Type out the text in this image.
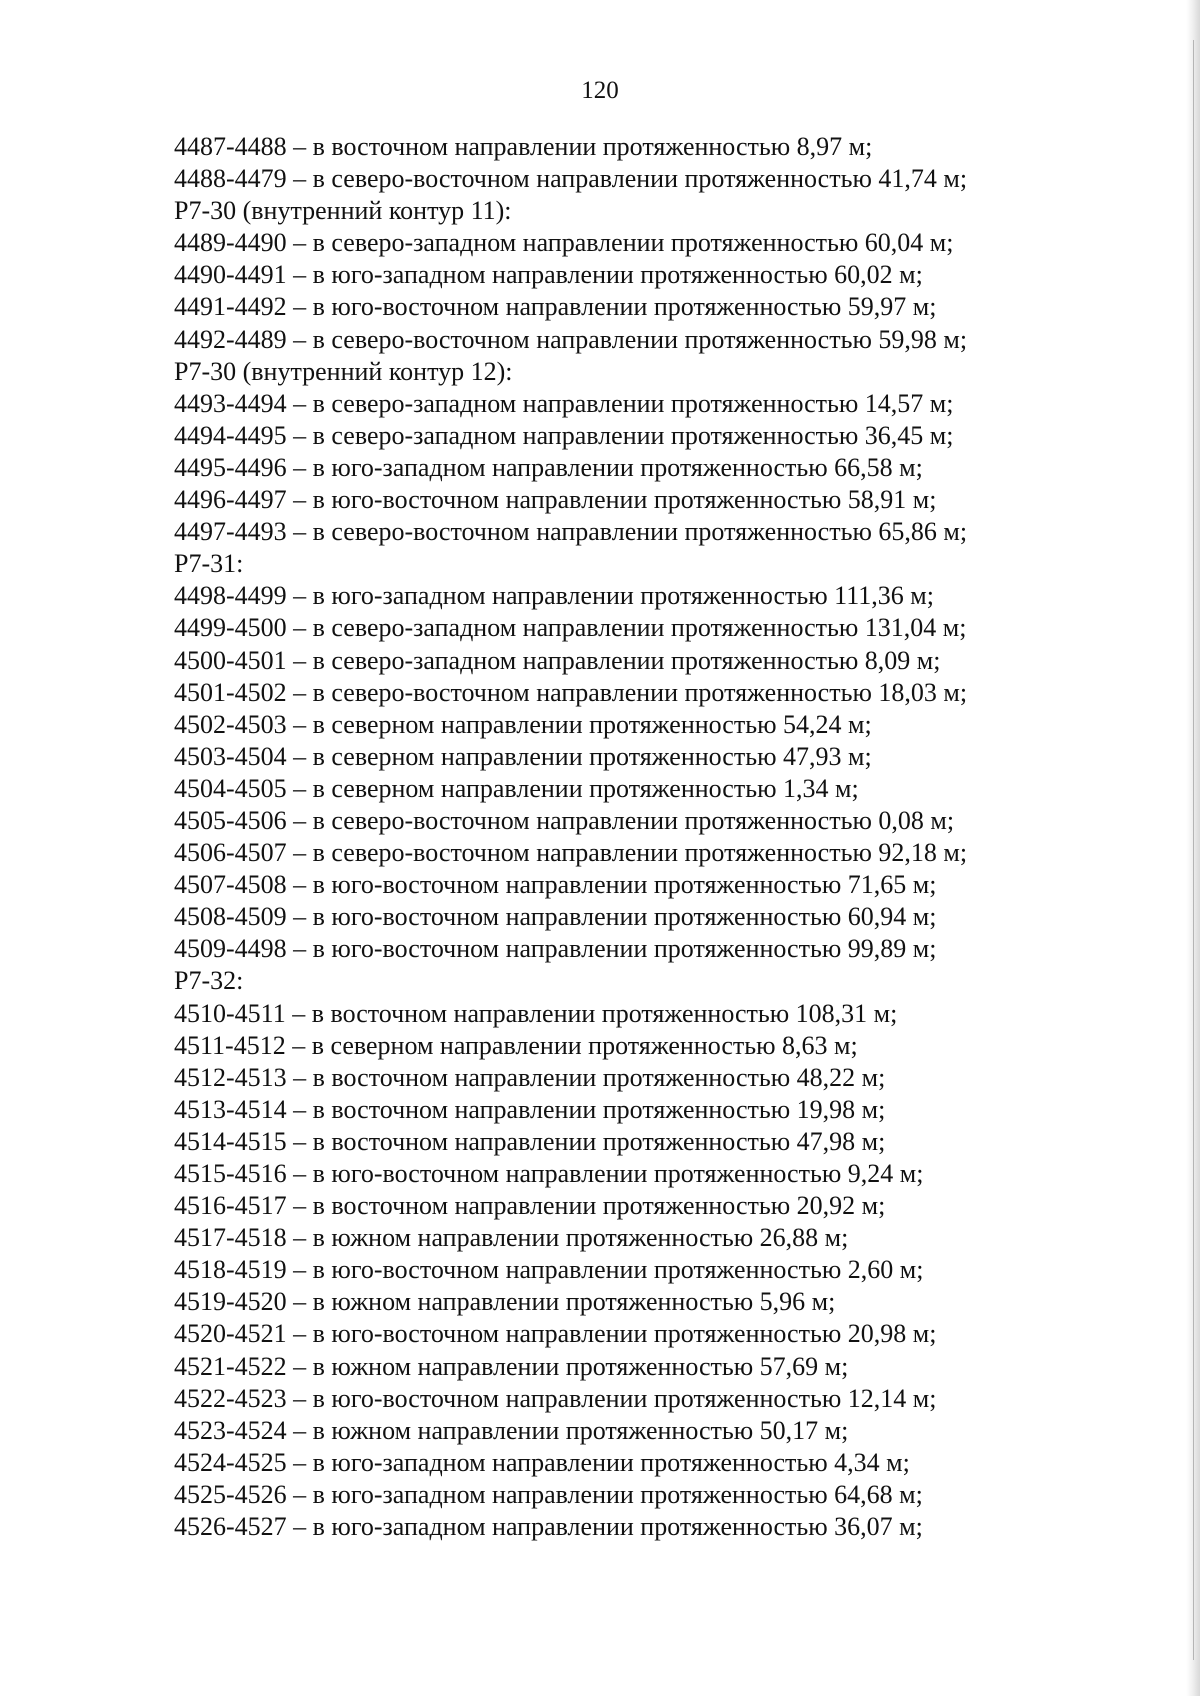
120
4487-4488 – в восточном направлении протяженностью 8,97 м;
4488-4479 – в северо-восточном направлении протяженностью 41,74 м;
Р7-30 (внутренний контур 11):
4489-4490 – в северо-западном направлении протяженностью 60,04 м;
4490-4491 – в юго-западном направлении протяженностью 60,02 м;
4491-4492 – в юго-восточном направлении протяженностью 59,97 м;
4492-4489 – в северо-восточном направлении протяженностью 59,98 м;
Р7-30 (внутренний контур 12):
4493-4494 – в северо-западном направлении протяженностью 14,57 м;
4494-4495 – в северо-западном направлении протяженностью 36,45 м;
4495-4496 – в юго-западном направлении протяженностью 66,58 м;
4496-4497 – в юго-восточном направлении протяженностью 58,91 м;
4497-4493 – в северо-восточном направлении протяженностью 65,86 м;
Р7-31:
4498-4499 – в юго-западном направлении протяженностью 111,36 м;
4499-4500 – в северо-западном направлении протяженностью 131,04 м;
4500-4501 – в северо-западном направлении протяженностью 8,09 м;
4501-4502 – в северо-восточном направлении протяженностью 18,03 м;
4502-4503 – в северном направлении протяженностью 54,24 м;
4503-4504 – в северном направлении протяженностью 47,93 м;
4504-4505 – в северном направлении протяженностью 1,34 м;
4505-4506 – в северо-восточном направлении протяженностью 0,08 м;
4506-4507 – в северо-восточном направлении протяженностью 92,18 м;
4507-4508 – в юго-восточном направлении протяженностью 71,65 м;
4508-4509 – в юго-восточном направлении протяженностью 60,94 м;
4509-4498 – в юго-восточном направлении протяженностью 99,89 м;
Р7-32:
4510-4511 – в восточном направлении протяженностью 108,31 м;
4511-4512 – в северном направлении протяженностью 8,63 м;
4512-4513 – в восточном направлении протяженностью 48,22 м;
4513-4514 – в восточном направлении протяженностью 19,98 м;
4514-4515 – в восточном направлении протяженностью 47,98 м;
4515-4516 – в юго-восточном направлении протяженностью 9,24 м;
4516-4517 – в восточном направлении протяженностью 20,92 м;
4517-4518 – в южном направлении протяженностью 26,88 м;
4518-4519 – в юго-восточном направлении протяженностью 2,60 м;
4519-4520 – в южном направлении протяженностью 5,96 м;
4520-4521 – в юго-восточном направлении протяженностью 20,98 м;
4521-4522 – в южном направлении протяженностью 57,69 м;
4522-4523 – в юго-восточном направлении протяженностью 12,14 м;
4523-4524 – в южном направлении протяженностью 50,17 м;
4524-4525 – в юго-западном направлении протяженностью 4,34 м;
4525-4526 – в юго-западном направлении протяженностью 64,68 м;
4526-4527 – в юго-западном направлении протяженностью 36,07 м;
